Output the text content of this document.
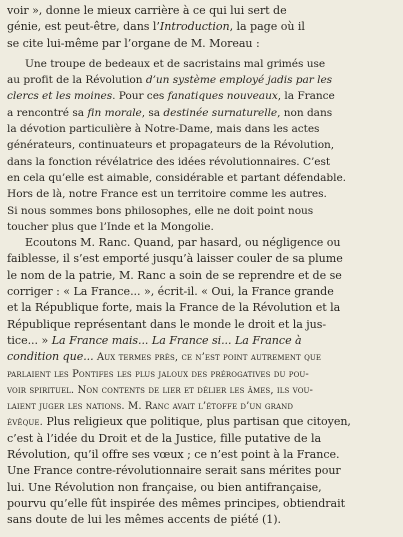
voir », donne le mieux carrière à ce qui lui sert de
génie, est peut-être, dans l’Introduction, la page où il
se cite lui-même par l’organe de M. Moreau :
Une troupe de bedeaux et de sacristains mal grimés use
au profit de la Révolution d’un système employé jadis par les
clercs et les moines. Pour ces fanatiques nouveaux, la France
a rencontré sa fin morale, sa destinée surnaturelle, non dans
la dévotion particulière à Notre-Dame, mais dans les actes
générateurs, continuateurs et propagateurs de la Révolution,
dans la fonction révélatrice des idées révolutionnaires. C’est
en cela qu’elle est aimable, considérable et partant défendable.
Hors de là, notre France est un territoire comme les autres.
Si nous sommes bons philosophes, elle ne doit point nous
toucher plus que l’Inde et la Mongolie.
Ecoutons M. Ranc. Quand, par hasard, ou négligence ou
faiblesse, il s’est emporté jusqu’à laisser couler de sa plume
le nom de la patrie, M. Ranc a soin de se reprendre et de se
corriger : « La France... », écrit-il. « Oui, la France grande
et la République forte, mais la France de la Révolution et la
République représentant dans le monde le droit et la jus-
tice... » La France mais... La France si... La France à
condition que... Aux termes près, ce n’est point autrement que
parlaient les Pontifes les plus jaloux des prérogatives du pou-
voir spirituel. Non contents de lier et délier les âmes, ils vou-
laient juger les nations. M. Ranc avait l’étoffe d’un grand
évêque. Plus religieux que politique, plus partisan que citoyen,
c’est à l’idée du Droit et de la Justice, fille putative de la
Révolution, qu’il offre ses vœux ; ce n’est point à la France.
Une France contre-révolutionnaire serait sans mérites pour
lui. Une Révolution non française, ou bien antifrançaise,
pourvu qu’elle fût inspirée des mêmes principes, obtiendrait
sans doute de lui les mêmes accents de piété (1).
